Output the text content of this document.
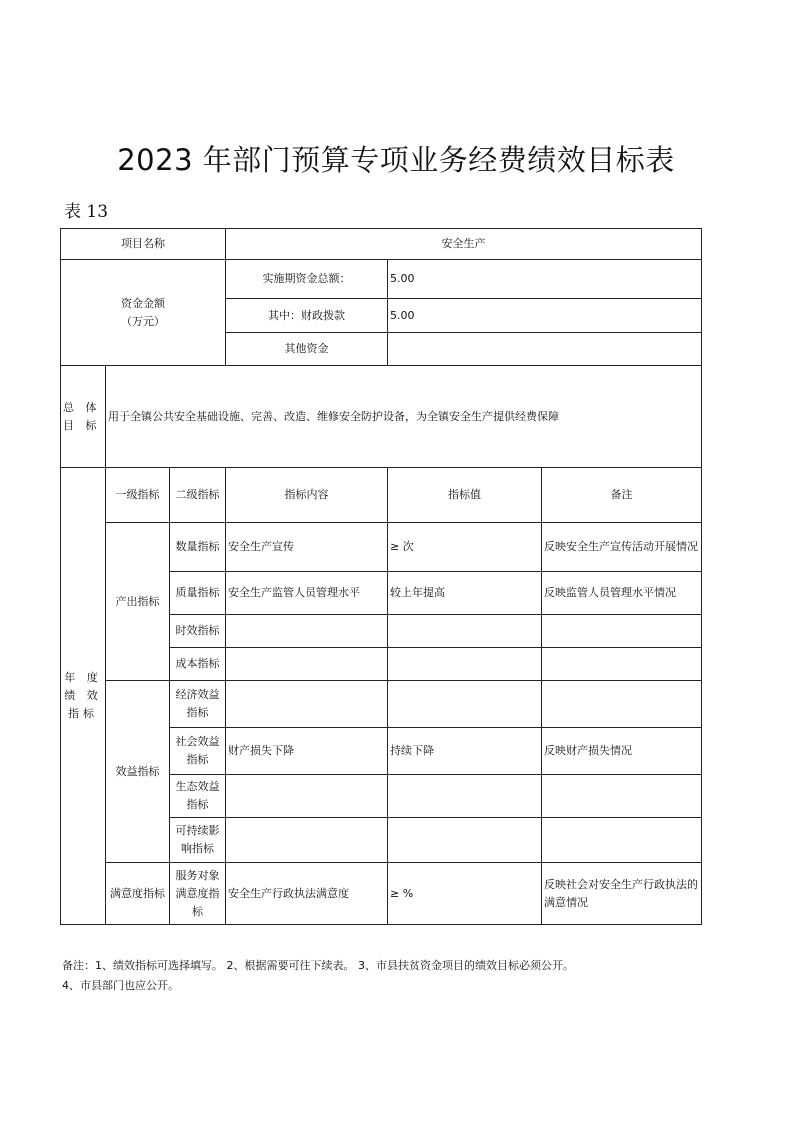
2023 年部门预算专项业务经费绩效目标表
表 13
项目名称			安全生产		

资金金额
（万元）			实施期资金总额：	5.00	
			其中：财政拨款	5.00	
			其他资金		
总 体 目 标	用于全镇公共安全基础设施、完善、改造、维修安全防护设备，为全镇安全生产提供经费保障				
年 度 绩 效指标	一级指标	二级指标	指标内容	指标值	备注
	产出指标	数量指标	安全生产宣传	≥ 次	反映安全生产宣传活动开展情况
		质量指标	安全生产监管人员管理水平	较上年提高	反映监管人员管理水平情况
		时效指标			
		成本指标			
	效益指标	经济效益指标			
		社会效益指标	财产损失下降	持续下降	反映财产损失情况
		生态效益指标			
		可持续影响指标			
	满意度指标	服务对象满意度指标	安全生产行政执法满意度	≥ %	反映社会对安全生产行政执法的满意情况
备注：1、绩效指标可选择填写。 2、根据需要可往下续表。 3、市县扶贫资金项目的绩效目标必须公开。
4、市县部门也应公开。
